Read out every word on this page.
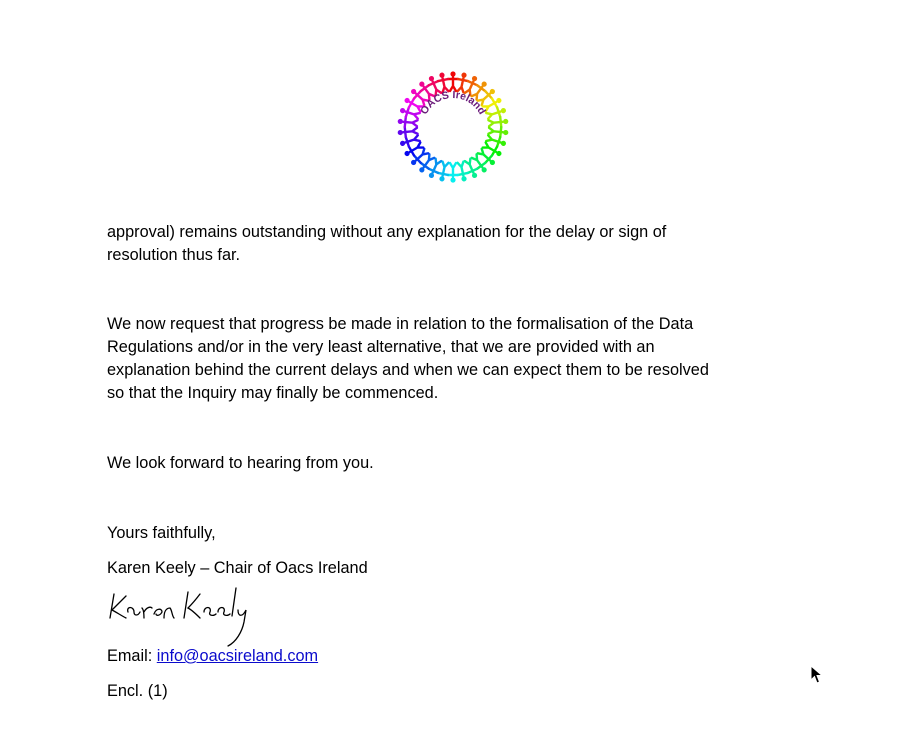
OACS Ireland

approval) remains outstanding without any explanation for the delay or sign of
resolution thus far.

We now request that progress be made in relation to the formalisation of the Data
Regulations and/or in the very least alternative, that we are provided with an
explanation behind the current delays and when we can expect them to be resolved
so that the Inquiry may finally be commenced.

We look forward to hearing from you.

Yours faithfully,

Karen Keely – Chair of Oacs Ireland

Email: info@oacsireland.com

Encl. (1)
